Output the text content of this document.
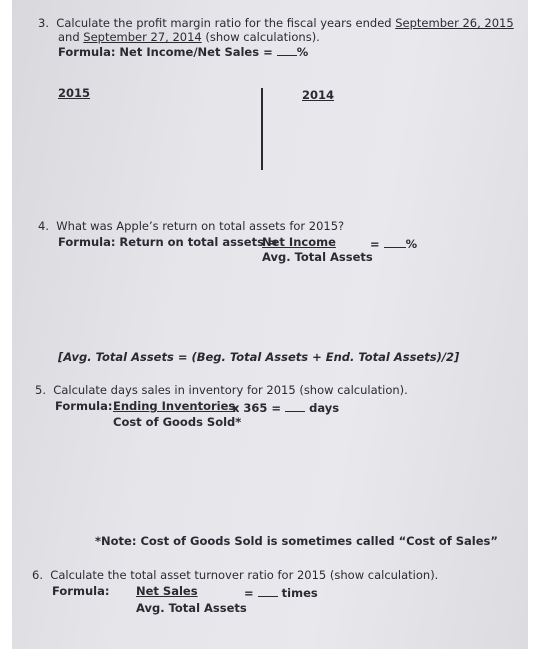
3. Calculate the profit margin ratio for the fiscal years ended September 26, 2015
and September 27, 2014 (show calculations).
Formula: Net Income/Net Sales = %
2015	2014
4. What was Apple’s return on total assets for 2015?
Formula: Return on total assets =
Net Income	= %
Avg. Total Assets
[Avg. Total Assets = (Beg. Total Assets + End. Total Assets)/2]
5. Calculate days sales in inventory for 2015 (show calculation).
Formula: Ending Inventories
x 365 = days
Cost of Goods Sold*
*Note: Cost of Goods Sold is sometimes called “Cost of Sales”
6. Calculate the total asset turnover ratio for 2015 (show calculation).
Formula: Net Sales	= times
Avg. Total Assets
